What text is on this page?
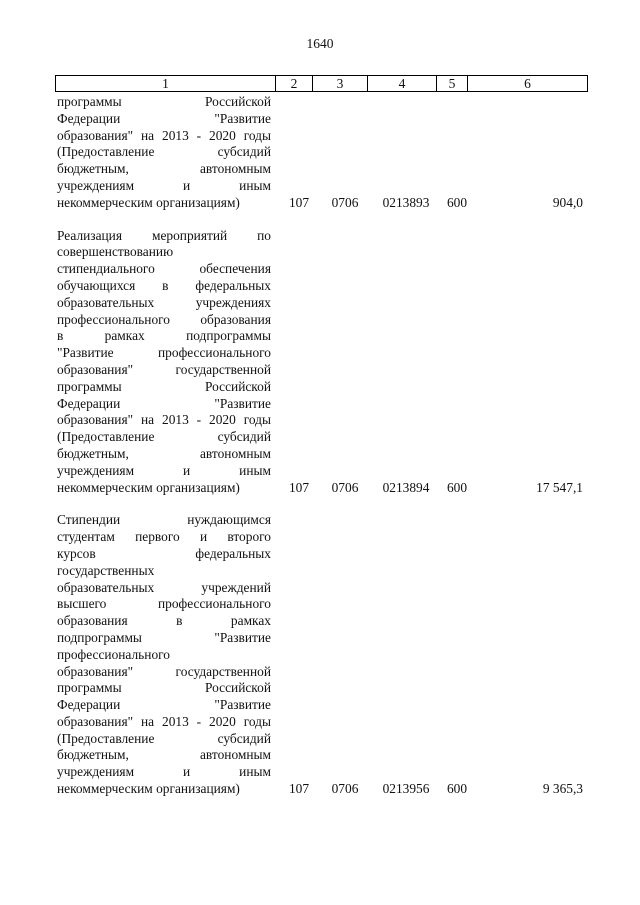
1640
1	2	3	4	5	6
программы Российской
Федерации "Развитие
образования" на 2013 - 2020 годы
(Предоставление субсидий
бюджетным, автономным
учреждениям и иным
некоммерческим организациям)	107	0706	0213893	600	904,0
Реализация мероприятий по
совершенствованию
стипендиального обеспечения
обучающихся в федеральных
образовательных учреждениях
профессионального образования
в рамках подпрограммы
"Развитие профессионального
образования" государственной
программы Российской
Федерации "Развитие
образования" на 2013 - 2020 годы
(Предоставление субсидий
бюджетным, автономным
учреждениям и иным
некоммерческим организациям)	107	0706	0213894	600	17 547,1
Стипендии нуждающимся
студентам первого и второго
курсов федеральных
государственных
образовательных учреждений
высшего профессионального
образования в рамках
подпрограммы "Развитие
профессионального
образования" государственной
программы Российской
Федерации "Развитие
образования" на 2013 - 2020 годы
(Предоставление субсидий
бюджетным, автономным
учреждениям и иным
некоммерческим организациям)	107	0706	0213956	600	9 365,3
